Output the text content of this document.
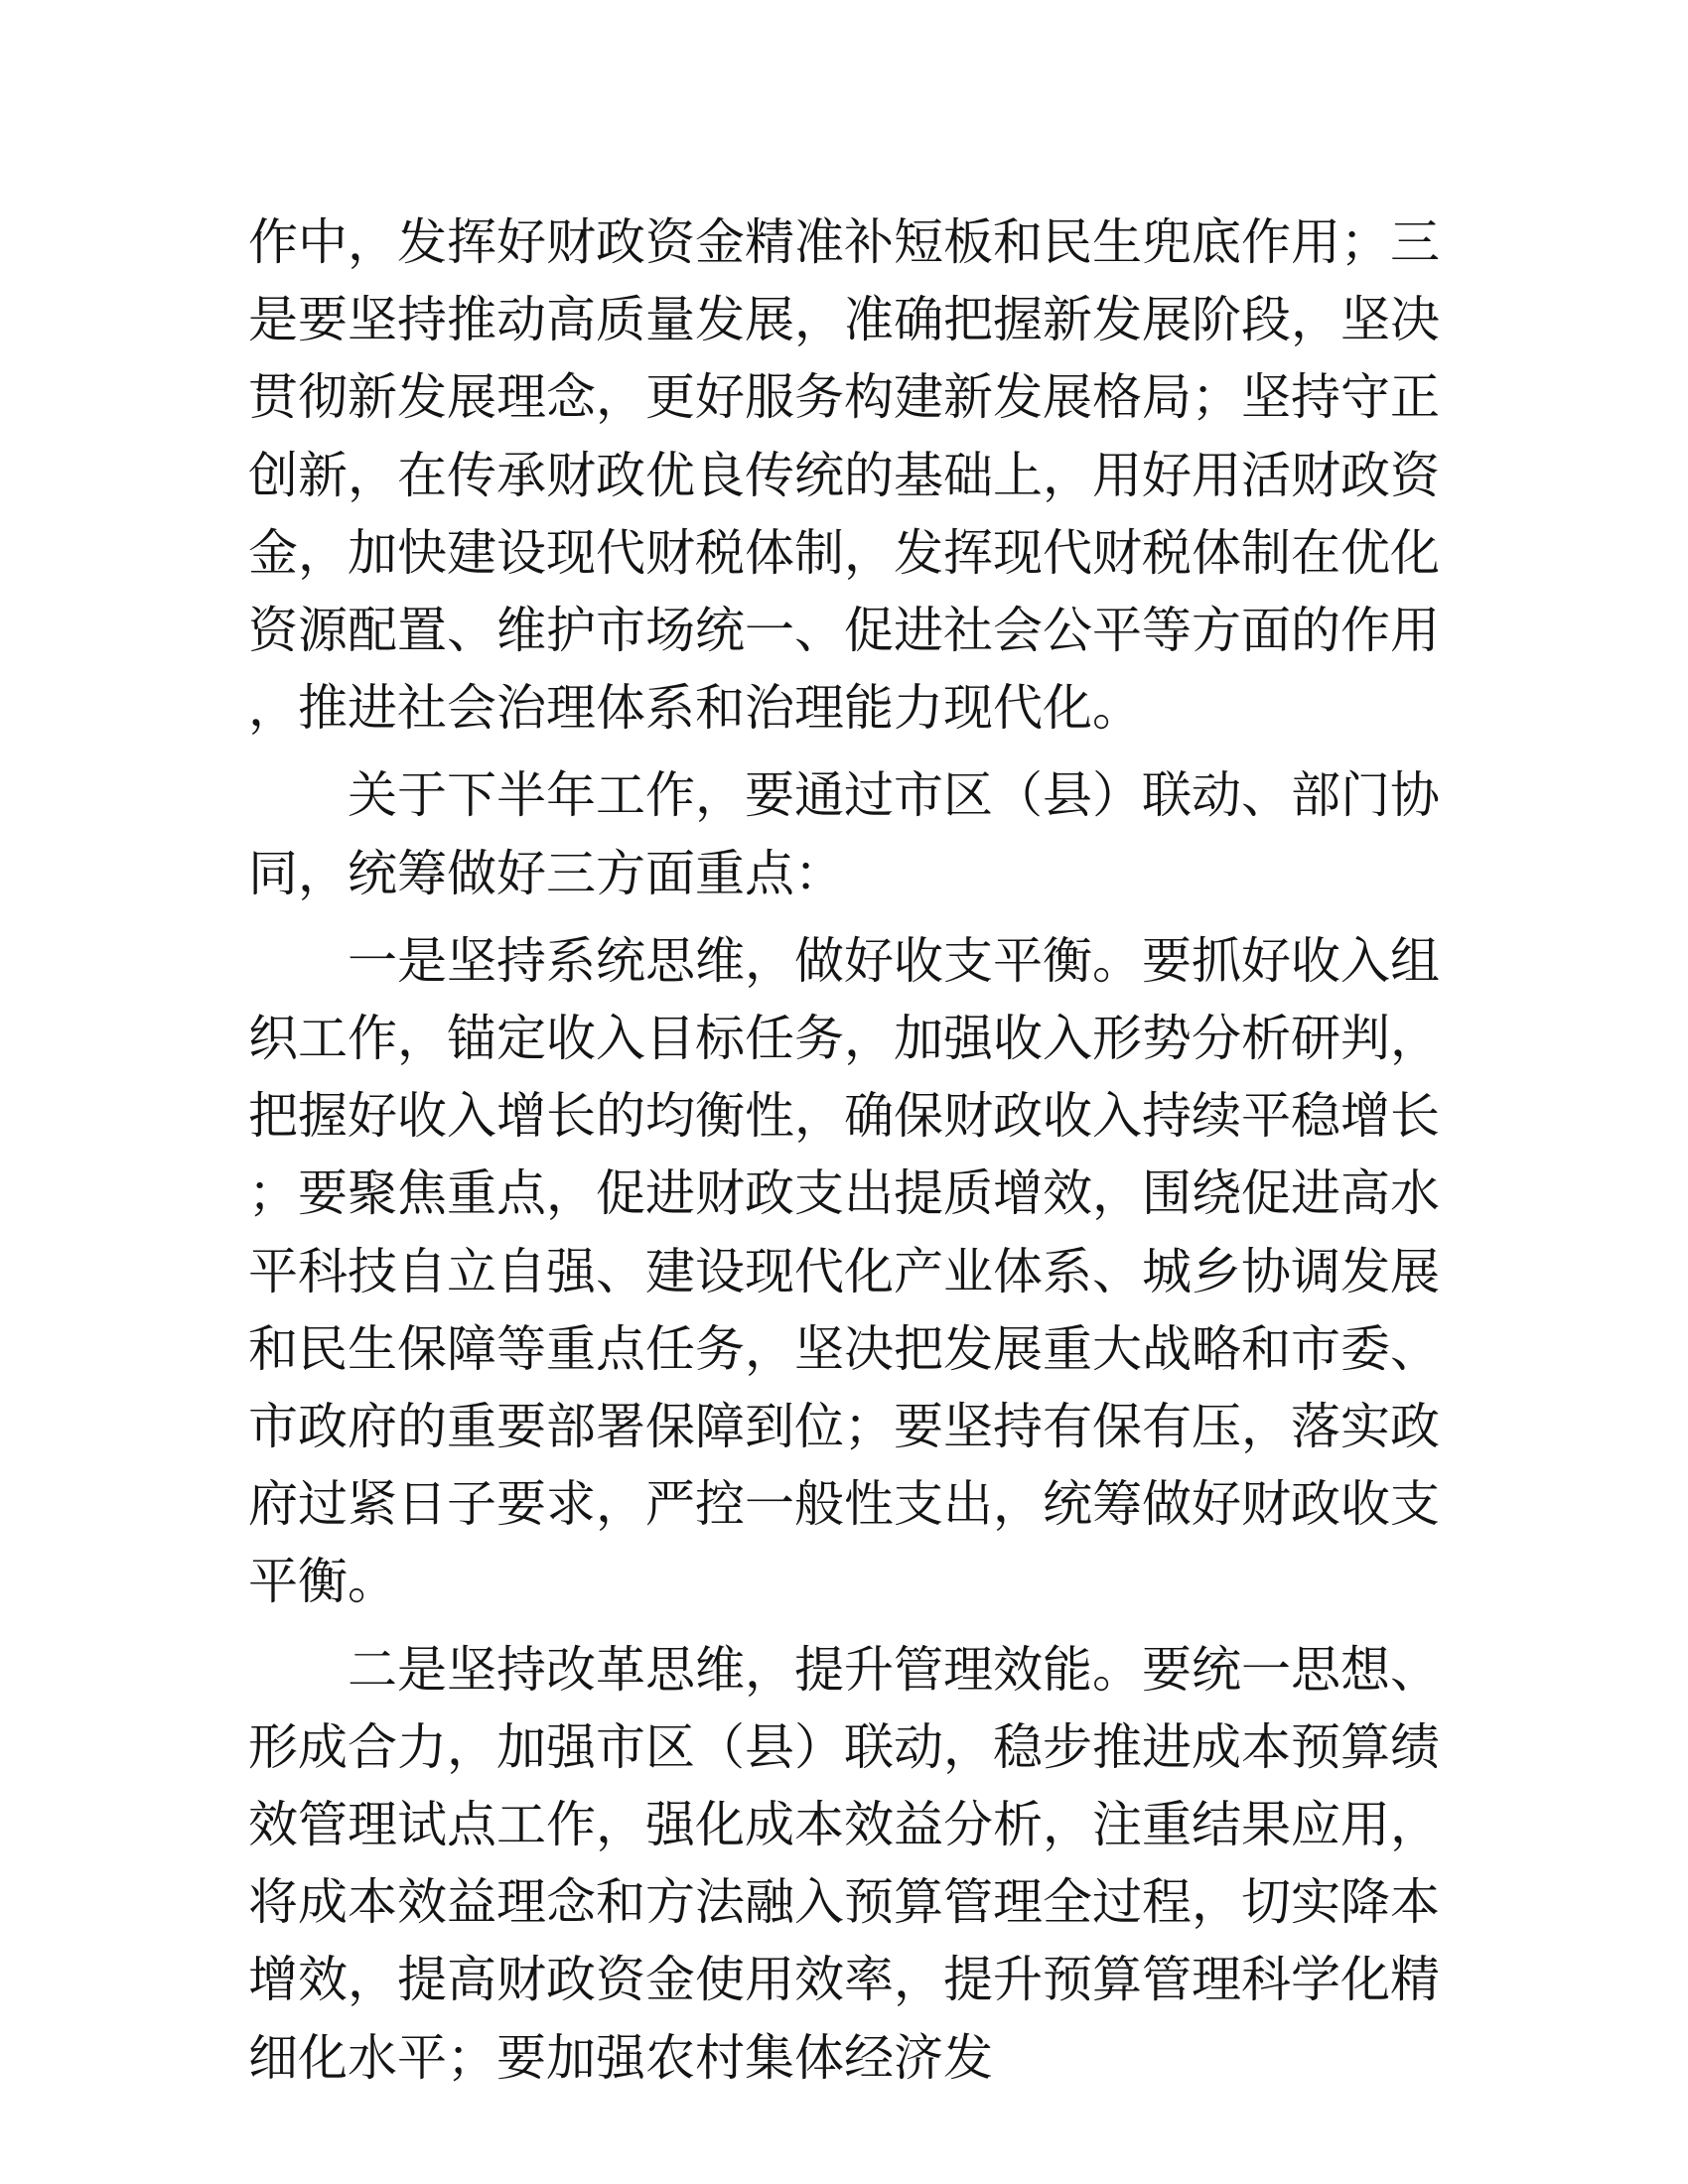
作中，发挥好财政资金精准补短板和民生兜底作用；三是要坚持推动高质量发展，准确把握新发展阶段，坚决贯彻新发展理念，更好服务构建新发展格局；坚持守正创新，在传承财政优良传统的基础上，用好用活财政资金，加快建设现代财税体制，发挥现代财税体制在优化资源配置、维护市场统一、促进社会公平等方面的作用，推进社会治理体系和治理能力现代化。

关于下半年工作，要通过市区（县）联动、部门协同，统筹做好三方面重点：

一是坚持系统思维，做好收支平衡。要抓好收入组织工作，锚定收入目标任务，加强收入形势分析研判，把握好收入增长的均衡性，确保财政收入持续平稳增长；要聚焦重点，促进财政支出提质增效，围绕促进高水平科技自立自强、建设现代化产业体系、城乡协调发展和民生保障等重点任务，坚决把发展重大战略和市委、市政府的重要部署保障到位；要坚持有保有压，落实政府过紧日子要求，严控一般性支出，统筹做好财政收支平衡。

二是坚持改革思维，提升管理效能。要统一思想、形成合力，加强市区（县）联动，稳步推进成本预算绩效管理试点工作，强化成本效益分析，注重结果应用，将成本效益理念和方法融入预算管理全过程，切实降本增效，提高财政资金使用效率，提升预算管理科学化精细化水平；要加强农村集体经济发
